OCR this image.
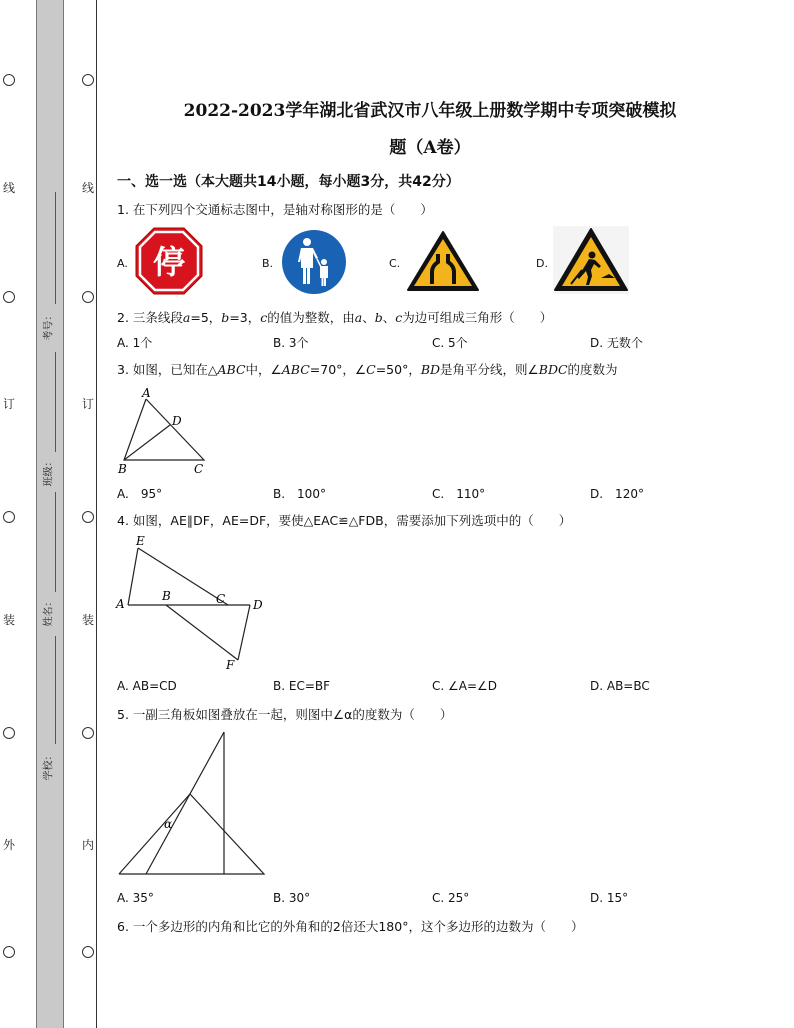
线
订
装
外
线
订
装
内
考号：
班级：
姓名：
学校：
2022-2023学年湖北省武汉市八年级上册数学期中专项突破模拟
题（A卷）
一、选一选（本大题共14小题，每小题3分，共42分）
1. 在下列四个交通标志图中，是轴对称图形的是（　　）
A. 停	B.	C.	D.
2. 三条线段a=5，b=3，c的值为整数，由a、b、c为边可组成三角形（　　）
A. 1个	B. 3个	C. 5个	D. 无数个
3. 如图，已知在△ABC中，∠ABC=70°，∠C=50°，BD是角平分线，则∠BDC的度数为
A
D
B	C
A.　95°	B.　100°	C.　110°	D.　120°
4. 如图，AE∥DF，AE=DF，要使△EAC≌△FDB，需要添加下列选项中的（　　）
E
A
B	C D
F
A. AB=CD	B. EC=BF	C. ∠A=∠D	D. AB=BC
5. 一副三角板如图叠放在一起，则图中∠α的度数为（　　）
α
A. 35°	B. 30°	C. 25°	D. 15°
6. 一个多边形的内角和比它的外角和的2倍还大180°，这个多边形的边数为（　　）
